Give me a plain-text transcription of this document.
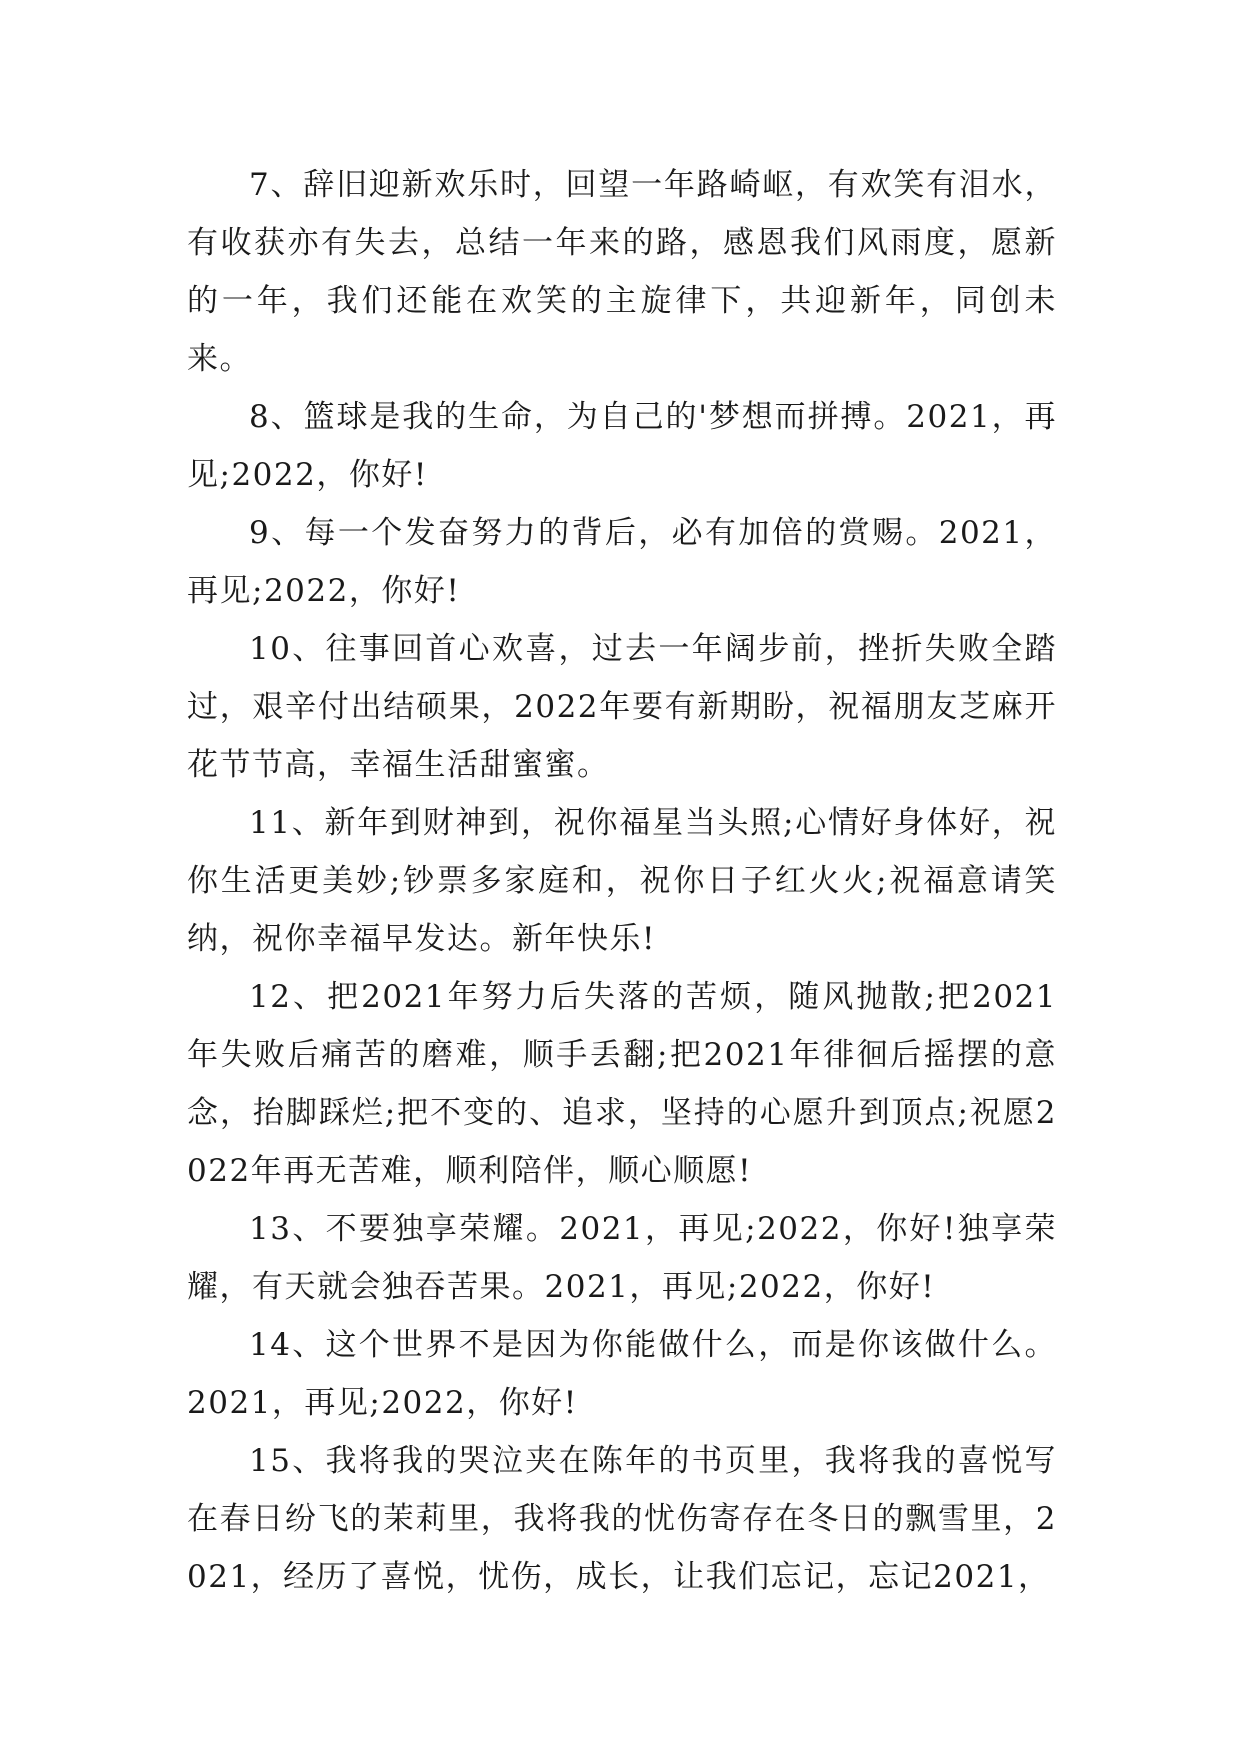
7、辞旧迎新欢乐时，回望一年路崎岖，有欢笑有泪水，有收获亦有失去，总结一年来的路，感恩我们风雨度，愿新的一年，我们还能在欢笑的主旋律下，共迎新年，同创未来。

8、篮球是我的生命，为自己的'梦想而拼搏。2021，再见;2022，你好!

9、每一个发奋努力的背后，必有加倍的赏赐。2021，再见;2022，你好!

10、往事回首心欢喜，过去一年阔步前，挫折失败全踏过，艰辛付出结硕果，2022年要有新期盼，祝福朋友芝麻开花节节高，幸福生活甜蜜蜜。

11、新年到财神到，祝你福星当头照;心情好身体好，祝你生活更美妙;钞票多家庭和，祝你日子红火火;祝福意请笑纳，祝你幸福早发达。新年快乐!

12、把2021年努力后失落的苦烦，随风抛散;把2021年失败后痛苦的磨难，顺手丢翻;把2021年徘徊后摇摆的意念，抬脚踩烂;把不变的、追求，坚持的心愿升到顶点;祝愿2022年再无苦难，顺利陪伴，顺心顺愿!

13、不要独享荣耀。2021，再见;2022，你好!独享荣耀，有天就会独吞苦果。2021，再见;2022，你好!

14、这个世界不是因为你能做什么，而是你该做什么。2021，再见;2022，你好!

15、我将我的哭泣夹在陈年的书页里，我将我的喜悦写在春日纷飞的茉莉里，我将我的忧伤寄存在冬日的飘雪里，2021，经历了喜悦，忧伤，成长，让我们忘记，忘记2021，
